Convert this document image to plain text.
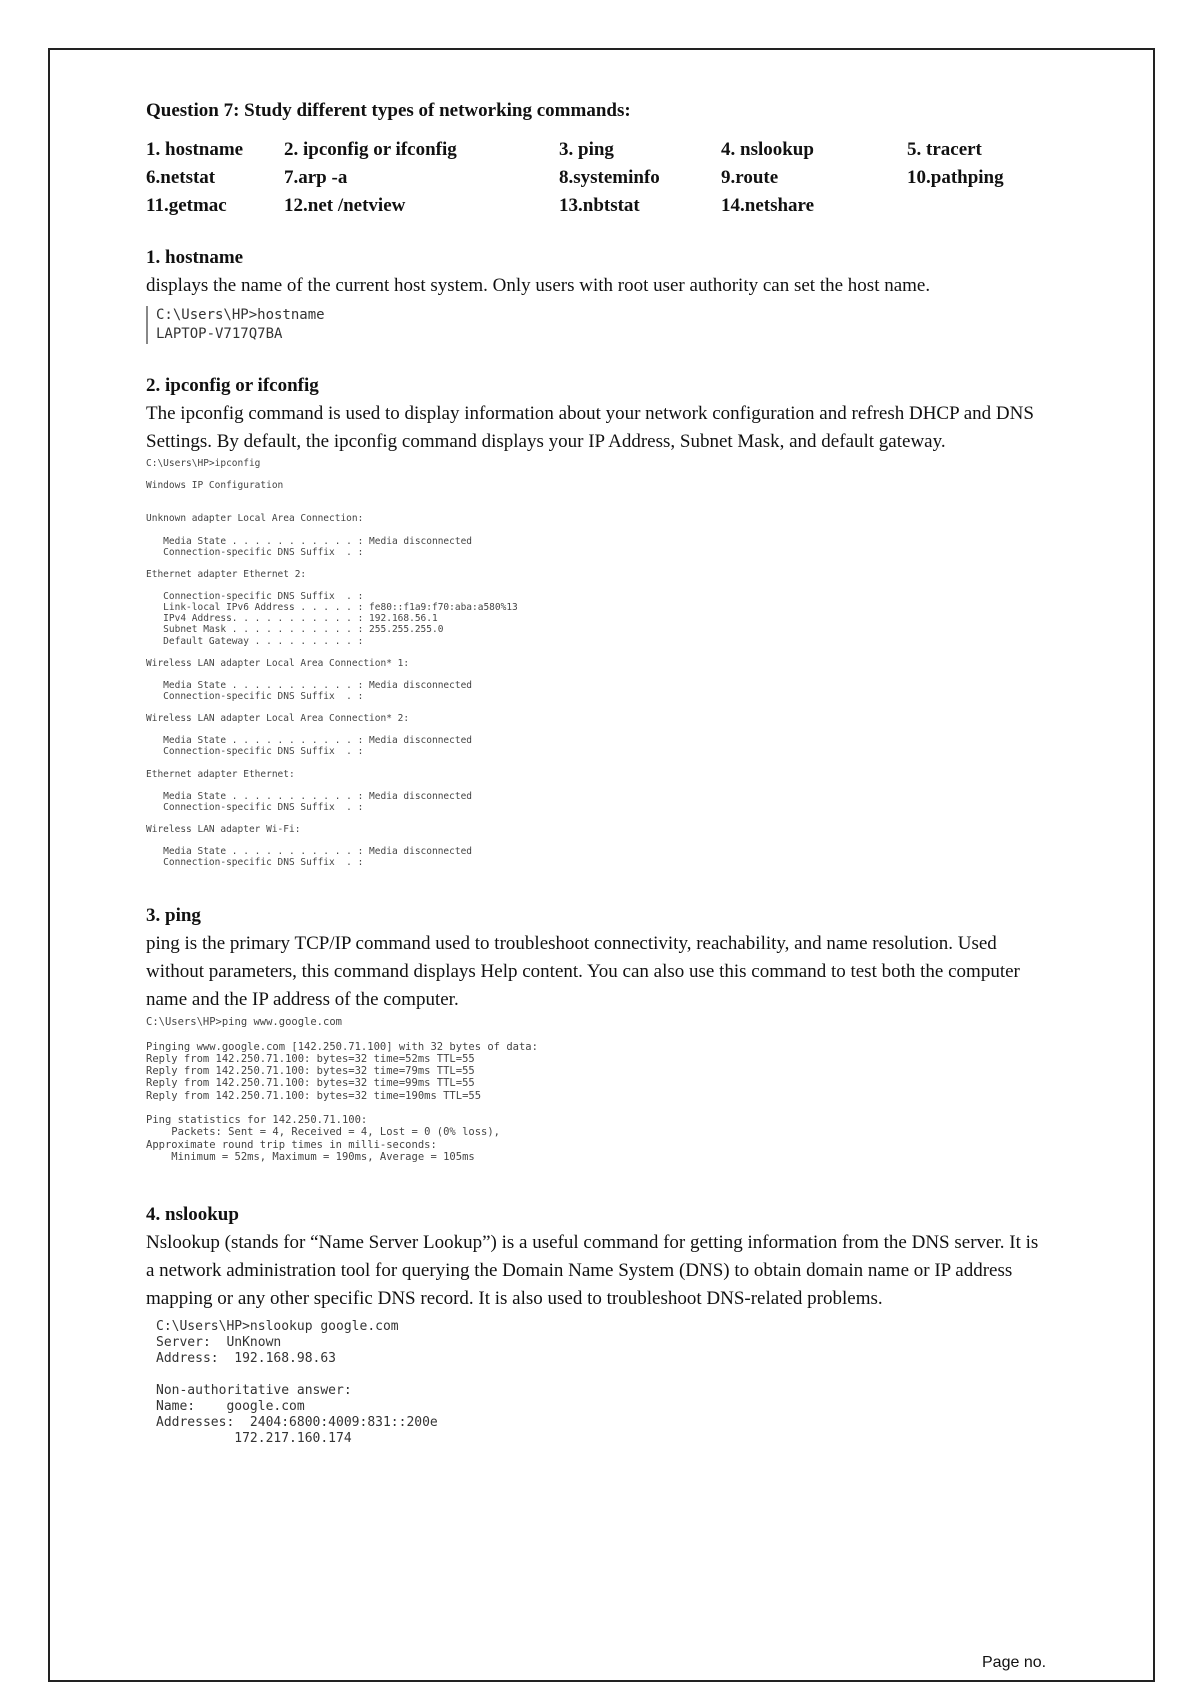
Question 7: Study different types of networking commands:
1. hostname	2. ipconfig or ifconfig	3. ping	4. nslookup	5. tracert
6.netstat	7.arp -a	8.systeminfo	9.route	10.pathping
11.getmac	12.net /netview	13.nbtstat	14.netshare
1. hostname

displays the name of the current host system. Only users with root user authority can set the host name.

C:\Users\HP>hostname
LAPTOP-V717Q7BA
2. ipconfig or ifconfig

The ipconfig command is used to display information about your network configuration and refresh DHCP and DNS Settings. By default, the ipconfig command displays your IP Address, Subnet Mask, and default gateway.

C:\Users\HP>ipconfig

Windows IP Configuration

Unknown adapter Local Area Connection:

Media State . . . . . . . . . . . : Media disconnected
Connection-specific DNS Suffix  . :

Ethernet adapter Ethernet 2:

Connection-specific DNS Suffix  . :
Link-local IPv6 Address . . . . . : fe80::f1a9:f70:aba:a580%13
IPv4 Address. . . . . . . . . . . : 192.168.56.1
Subnet Mask . . . . . . . . . . . : 255.255.255.0
Default Gateway . . . . . . . . . :

Wireless LAN adapter Local Area Connection* 1:

Media State . . . . . . . . . . . : Media disconnected
Connection-specific DNS Suffix  . :

Wireless LAN adapter Local Area Connection* 2:

Media State . . . . . . . . . . . : Media disconnected
Connection-specific DNS Suffix  . :

Ethernet adapter Ethernet:

Media State . . . . . . . . . . . : Media disconnected
Connection-specific DNS Suffix  . :

Wireless LAN adapter Wi-Fi:

Media State . . . . . . . . . . . : Media disconnected
Connection-specific DNS Suffix  . :
3. ping

ping is the primary TCP/IP command used to troubleshoot connectivity, reachability, and name resolution. Used without parameters, this command displays Help content. You can also use this command to test both the computer name and the IP address of the computer.

C:\Users\HP>ping www.google.com

Pinging www.google.com [142.250.71.100] with 32 bytes of data:
Reply from 142.250.71.100: bytes=32 time=52ms TTL=55
Reply from 142.250.71.100: bytes=32 time=79ms TTL=55
Reply from 142.250.71.100: bytes=32 time=99ms TTL=55
Reply from 142.250.71.100: bytes=32 time=190ms TTL=55

Ping statistics for 142.250.71.100:
Packets: Sent = 4, Received = 4, Lost = 0 (0% loss),
Approximate round trip times in milli-seconds:
Minimum = 52ms, Maximum = 190ms, Average = 105ms
4. nslookup

Nslookup (stands for “Name Server Lookup”) is a useful command for getting information from the DNS server. It is a network administration tool for querying the Domain Name System (DNS) to obtain domain name or IP address mapping or any other specific DNS record. It is also used to troubleshoot DNS-related problems.

C:\Users\HP>nslookup google.com
Server:  UnKnown
Address:  192.168.98.63

Non-authoritative answer:
Name:    google.com
Addresses:  2404:6800:4009:831::200e
172.217.160.174
Page no.
